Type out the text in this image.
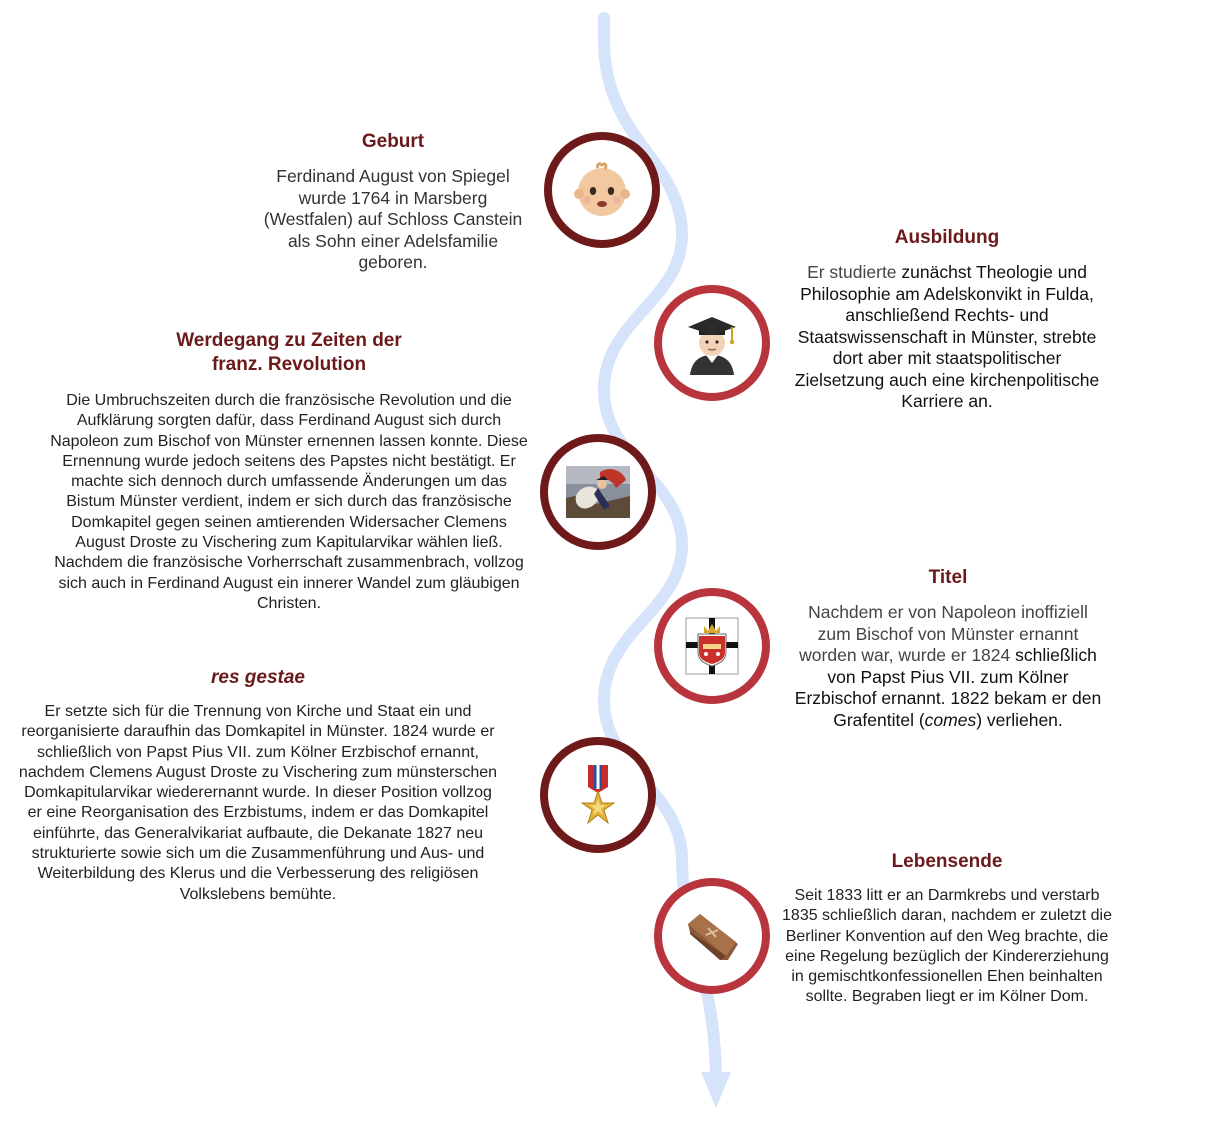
Geburt

Ferdinand August von Spiegel wurde 1764 in Marsberg (Westfalen) auf Schloss Canstein als Sohn einer Adelsfamilie geboren.

Ausbildung

Er studierte zunächst Theologie und Philosophie am Adelskonvikt in Fulda, anschließend Rechts- und Staatswissenschaft in Münster, strebte dort aber mit staatspolitischer Zielsetzung auch eine kirchenpolitische Karriere an.

Werdegang zu Zeiten der
franz. Revolution

Die Umbruchszeiten durch die französische Revolution und die Aufklärung sorgten dafür, dass Ferdinand August sich durch Napoleon zum Bischof von Münster ernennen lassen konnte. Diese Ernennung wurde jedoch seitens des Papstes nicht bestätigt. Er machte sich dennoch durch umfassende Änderungen um das Bistum Münster verdient, indem er sich durch das französische Domkapitel gegen seinen amtierenden Widersacher Clemens August Droste zu Vischering zum Kapitularvikar wählen ließ. Nachdem die französische Vorherrschaft zusammenbrach, vollzog sich auch in Ferdinand August ein innerer Wandel zum gläubigen Christen.

Titel

Nachdem er von Napoleon inoffiziell zum Bischof von Münster ernannt worden war, wurde er 1824 schließlich von Papst Pius VII. zum Kölner Erzbischof ernannt. 1822 bekam er den Grafentitel (comes) verliehen.

res gestae

Er setzte sich für die Trennung von Kirche und Staat ein und reorganisierte daraufhin das Domkapitel in Münster. 1824 wurde er schließlich von Papst Pius VII. zum Kölner Erzbischof ernannt, nachdem Clemens August Droste zu Vischering zum münsterschen Domkapitularvikar wiederernannt wurde. In dieser Position vollzog er eine Reorganisation des Erzbistums, indem er das Domkapitel einführte, das Generalvikariat aufbaute, die Dekanate 1827 neu strukturierte sowie sich um die Zusammenführung und Aus- und Weiterbildung des Klerus und die Verbesserung des religiösen Volkslebens bemühte.

Lebensende

Seit 1833 litt er an Darmkrebs und verstarb 1835 schließlich daran, nachdem er zuletzt die Berliner Konvention auf den Weg brachte, die eine Regelung bezüglich der Kindererziehung in gemischtkonfessionellen Ehen beinhalten sollte. Begraben liegt er im Kölner Dom.
